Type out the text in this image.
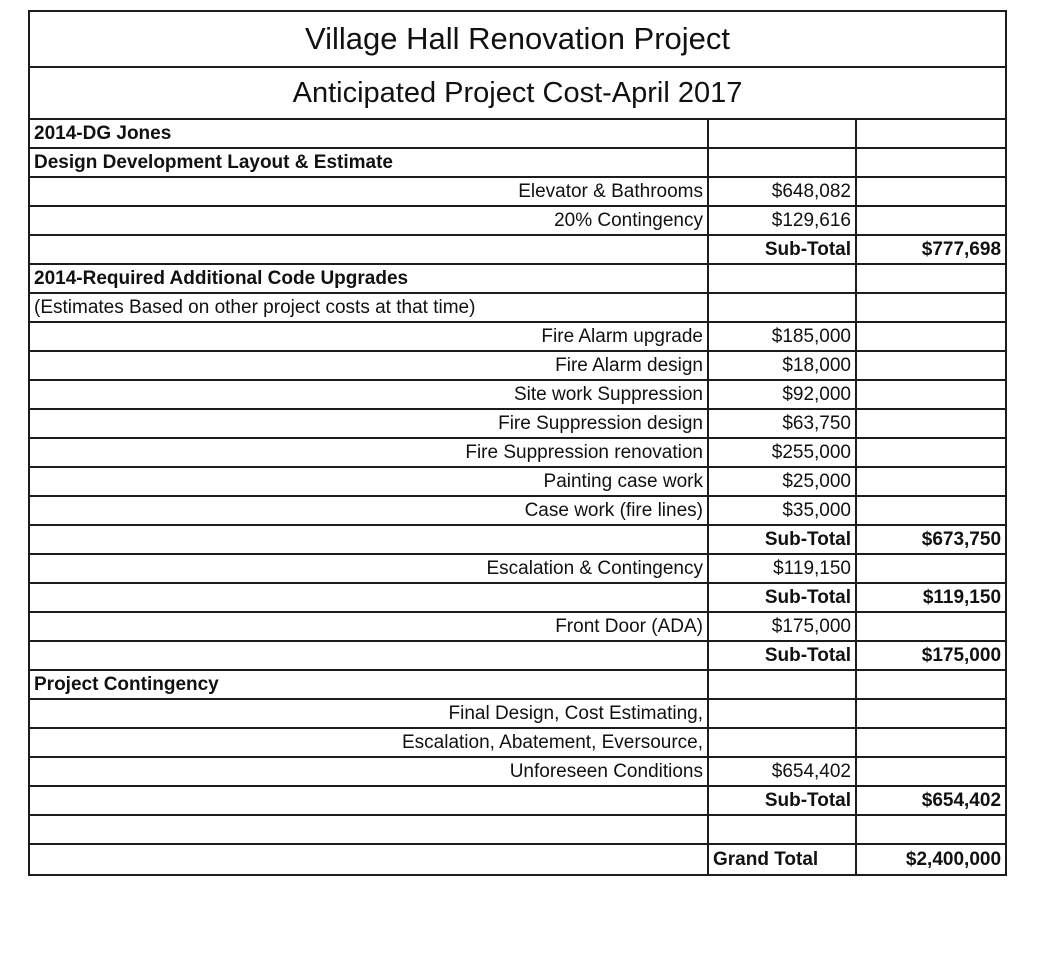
Village Hall Renovation Project		
Anticipated Project Cost-April 2017		
2014-DG Jones		
Design Development Layout & Estimate		
Elevator & Bathrooms	$648,082	
20% Contingency	$129,616	
	Sub-Total	$777,698
2014-Required Additional Code Upgrades		
(Estimates Based on other project costs at that time)		
Fire Alarm upgrade	$185,000	
Fire Alarm design	$18,000	
Site work Suppression	$92,000	
Fire Suppression design	$63,750	
Fire Suppression renovation	$255,000	
Painting case work	$25,000	
Case work (fire lines)	$35,000	
	Sub-Total	$673,750
Escalation & Contingency	$119,150	
	Sub-Total	$119,150
Front Door (ADA)	$175,000	
	Sub-Total	$175,000
Project Contingency		
Final Design, Cost Estimating,		
Escalation, Abatement, Eversource,		
Unforeseen Conditions	$654,402	
	Sub-Total	$654,402

	Grand Total	$2,400,000
